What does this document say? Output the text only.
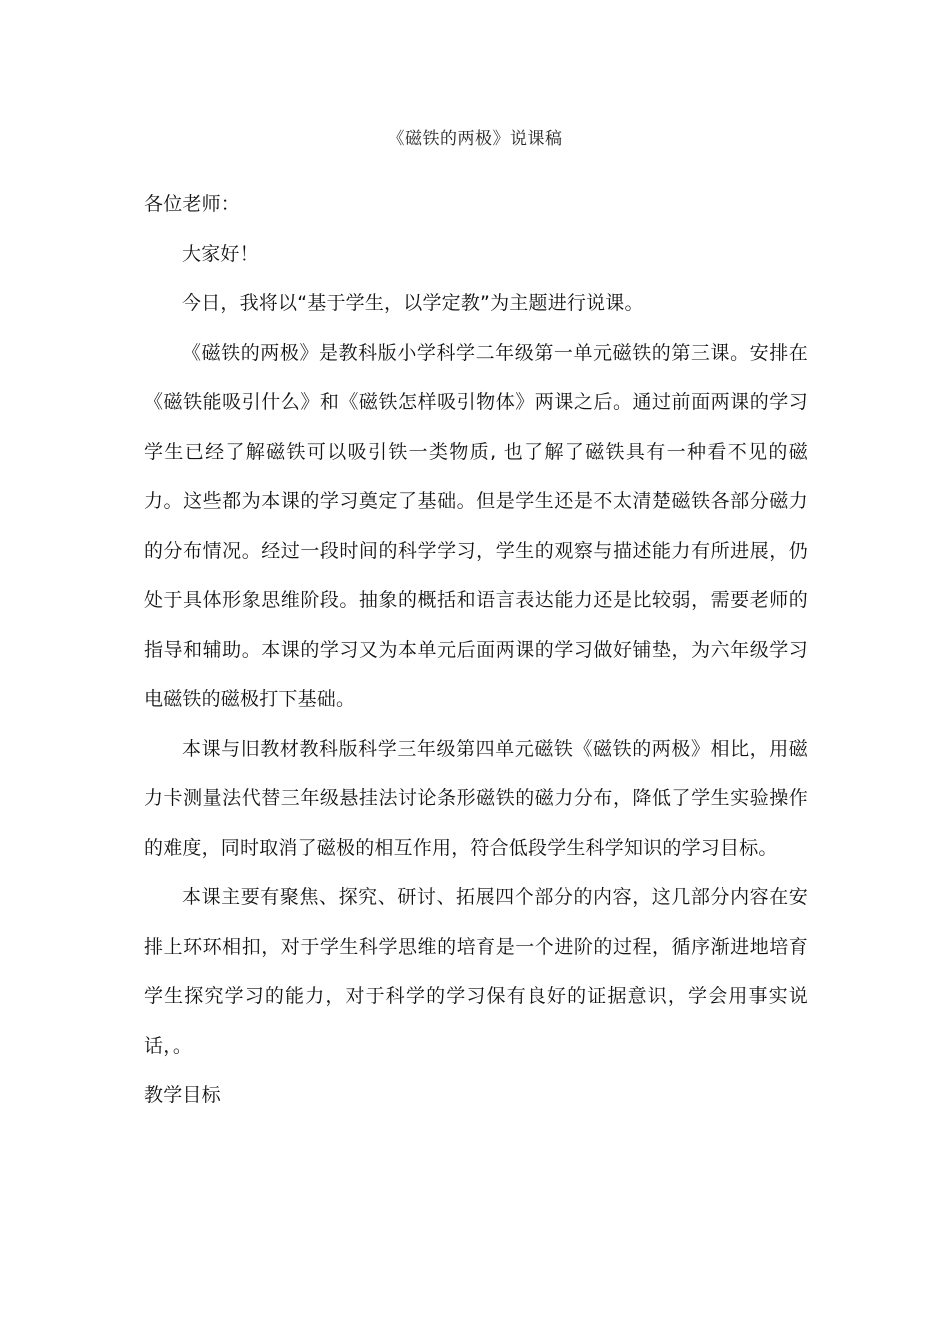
《磁铁的两极》说课稿

各位老师：

大家好！

今日，我将以“基于学生，以学定教”为主题进行说课。

《磁铁的两极》是教科版小学科学二年级第一单元磁铁的第三课。安排在《磁铁能吸引什么》和《磁铁怎样吸引物体》两课之后。通过前面两课的学习学生已经了解磁铁可以吸引铁一类物质, 也了解了磁铁具有一种看不见的磁力。这些都为本课的学习奠定了基础。但是学生还是不太清楚磁铁各部分磁力的分布情况。经过一段时间的科学学习，学生的观察与描述能力有所进展，仍处于具体形象思维阶段。抽象的概括和语言表达能力还是比较弱，需要老师的指导和辅助。本课的学习又为本单元后面两课的学习做好铺垫，为六年级学习电磁铁的磁极打下基础。

本课与旧教材教科版科学三年级第四单元磁铁《磁铁的两极》相比，用磁力卡测量法代替三年级悬挂法讨论条形磁铁的磁力分布，降低了学生实验操作的难度，同时取消了磁极的相互作用，符合低段学生科学知识的学习目标。

本课主要有聚焦、探究、研讨、拓展四个部分的内容，这几部分内容在安排上环环相扣，对于学生科学思维的培育是一个进阶的过程，循序渐进地培育学生探究学习的能力，对于科学的学习保有良好的证据意识，学会用事实说话，。

教学目标
